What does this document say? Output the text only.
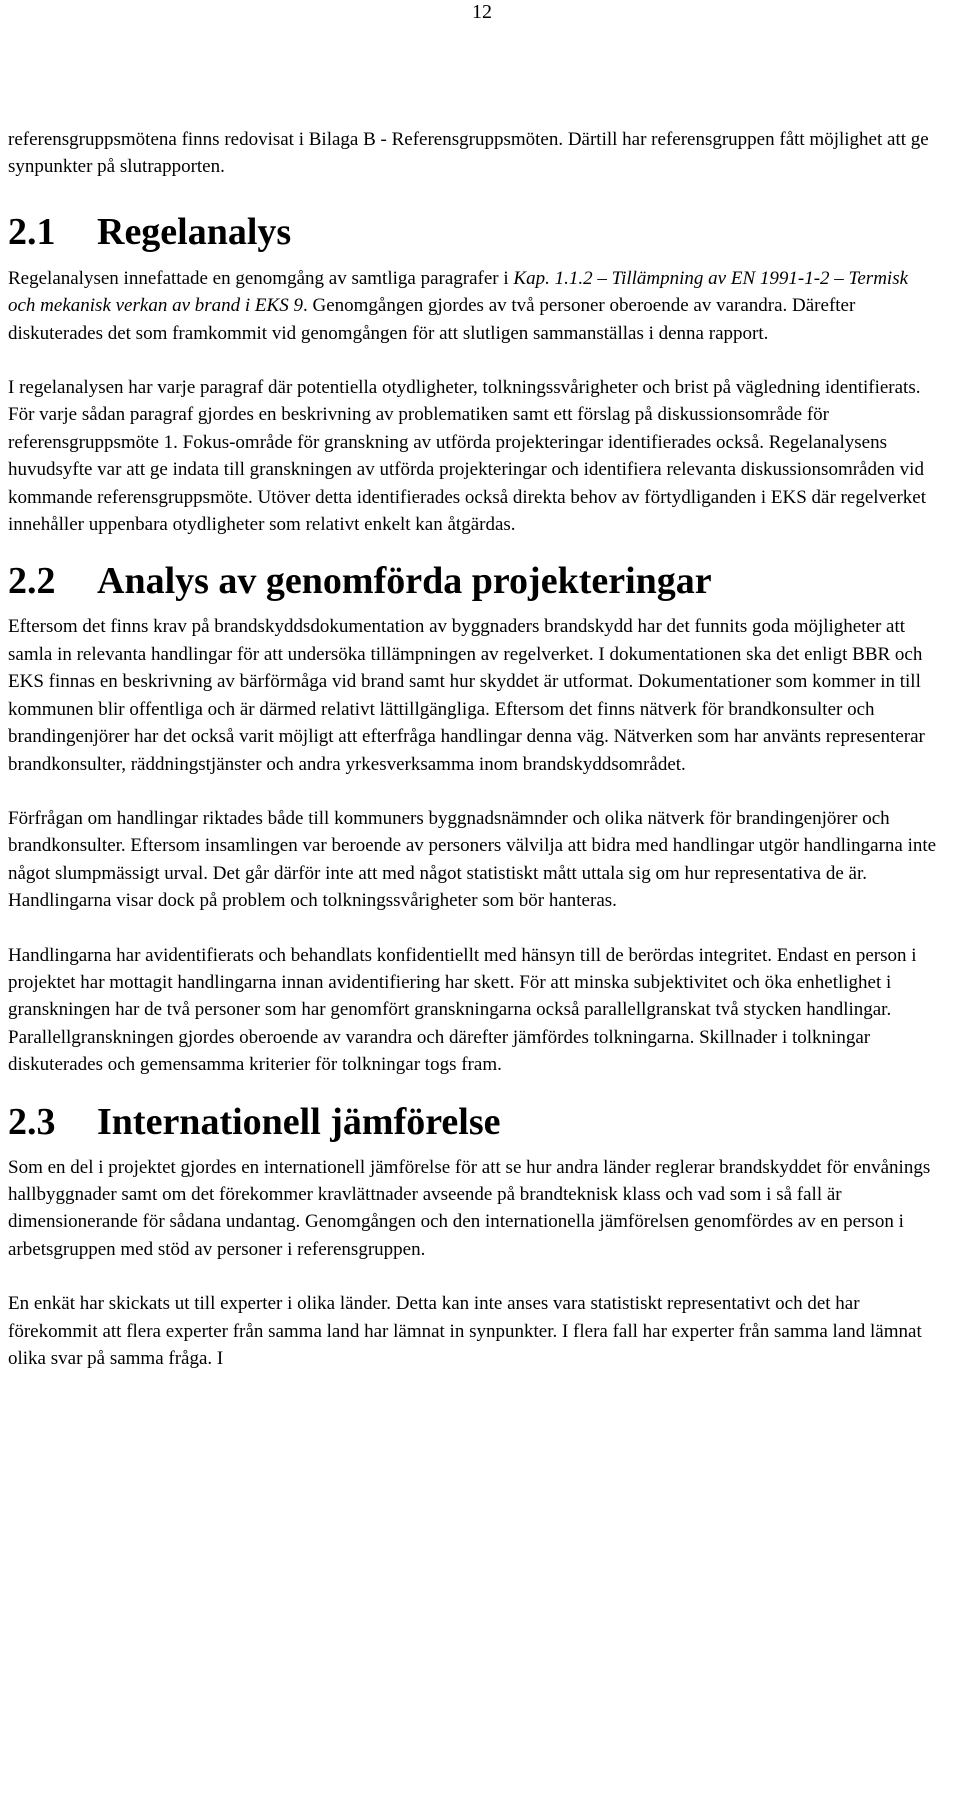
12

referensgruppsmötena finns redovisat i Bilaga B - Referensgruppsmöten. Därtill har referensgruppen fått möjlighet att ge synpunkter på slutrapporten.

2.1	Regelanalys

Regelanalysen innefattade en genomgång av samtliga paragrafer i Kap. 1.1.2 – Tillämpning av EN 1991-1-2 – Termisk och mekanisk verkan av brand i EKS 9. Genomgången gjordes av två personer oberoende av varandra. Därefter diskuterades det som framkommit vid genomgången för att slutligen sammanställas i denna rapport.

I regelanalysen har varje paragraf där potentiella otydligheter, tolkningssvårigheter och brist på vägledning identifierats. För varje sådan paragraf gjordes en beskrivning av problematiken samt ett förslag på diskussionsområde för referensgruppsmöte 1. Fokus-område för granskning av utförda projekteringar identifierades också. Regelanalysens huvudsyfte var att ge indata till granskningen av utförda projekteringar och identifiera relevanta diskussionsområden vid kommande referensgruppsmöte. Utöver detta identifierades också direkta behov av förtydliganden i EKS där regelverket innehåller uppenbara otydligheter som relativt enkelt kan åtgärdas.

2.2	Analys av genomförda projekteringar

Eftersom det finns krav på brandskyddsdokumentation av byggnaders brandskydd har det funnits goda möjligheter att samla in relevanta handlingar för att undersöka tillämpningen av regelverket. I dokumentationen ska det enligt BBR och EKS finnas en beskrivning av bärförmåga vid brand samt hur skyddet är utformat. Dokumentationer som kommer in till kommunen blir offentliga och är därmed relativt lättillgängliga. Eftersom det finns nätverk för brandkonsulter och brandingenjörer har det också varit möjligt att efterfråga handlingar denna väg. Nätverken som har använts representerar brandkonsulter, räddningstjänster och andra yrkesverksamma inom brandskyddsområdet.

Förfrågan om handlingar riktades både till kommuners byggnadsnämnder och olika nätverk för brandingenjörer och brandkonsulter. Eftersom insamlingen var beroende av personers välvilja att bidra med handlingar utgör handlingarna inte något slumpmässigt urval. Det går därför inte att med något statistiskt mått uttala sig om hur representativa de är. Handlingarna visar dock på problem och tolkningssvårigheter som bör hanteras.

Handlingarna har avidentifierats och behandlats konfidentiellt med hänsyn till de berördas integritet. Endast en person i projektet har mottagit handlingarna innan avidentifiering har skett. För att minska subjektivitet och öka enhetlighet i granskningen har de två personer som har genomfört granskningarna också parallellgranskat två stycken handlingar. Parallellgranskningen gjordes oberoende av varandra och därefter jämfördes tolkningarna. Skillnader i tolkningar diskuterades och gemensamma kriterier för tolkningar togs fram.

2.3	Internationell jämförelse

Som en del i projektet gjordes en internationell jämförelse för att se hur andra länder reglerar brandskyddet för envånings hallbyggnader samt om det förekommer kravlättnader avseende på brandteknisk klass och vad som i så fall är dimensionerande för sådana undantag. Genomgången och den internationella jämförelsen genomfördes av en person i arbetsgruppen med stöd av personer i referensgruppen.

En enkät har skickats ut till experter i olika länder. Detta kan inte anses vara statistiskt representativt och det har förekommit att flera experter från samma land har lämnat in synpunkter. I flera fall har experter från samma land lämnat olika svar på samma fråga. I
